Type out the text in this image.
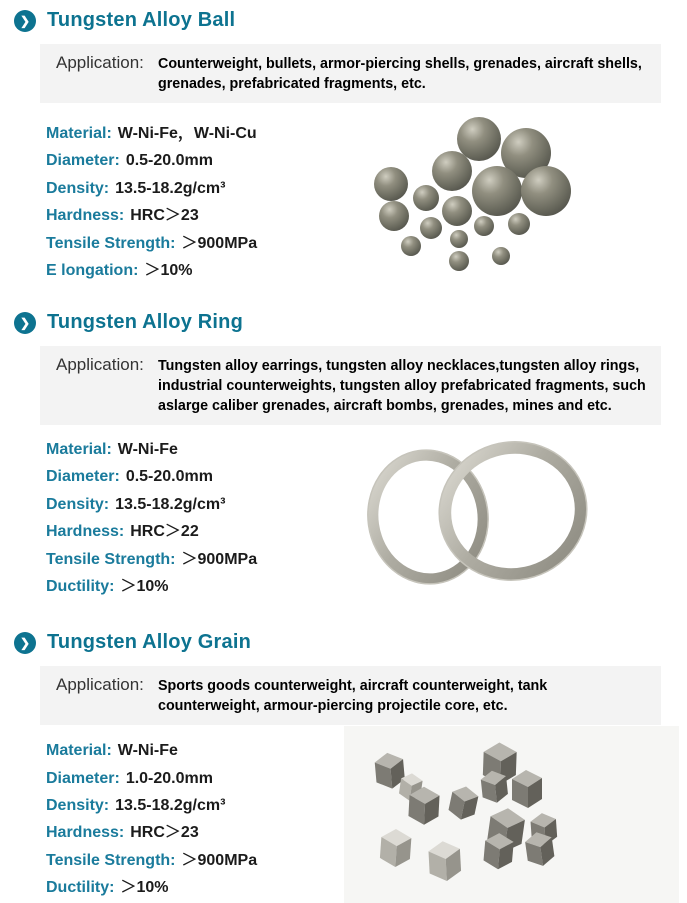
❯ Tungsten Alloy Ball
Application: Counterweight, bullets, armor-piercing shells, grenades, aircraft shells, grenades, prefabricated fragments, etc.

Material: W-Ni-Fe，W-Ni-Cu
Diameter: 0.5-20.0mm
Density: 13.5-18.2g/cm³
Hardness: HRC＞23
Tensile Strength: ＞900MPa
E longation: ＞10%
❯ Tungsten Alloy Ring
Application: Tungsten alloy earrings, tungsten alloy necklaces,tungsten alloy rings, industrial counterweights, tungsten alloy prefabricated fragments, such aslarge caliber grenades, aircraft bombs, grenades, mines and etc.

Material: W-Ni-Fe
Diameter: 0.5-20.0mm
Density: 13.5-18.2g/cm³
Hardness: HRC＞22
Tensile Strength: ＞900MPa
Ductility: ＞10%
❯ Tungsten Alloy Grain
Application: Sports goods counterweight, aircraft counterweight, tank counterweight, armour-piercing projectile core, etc.

Material: W-Ni-Fe
Diameter: 1.0-20.0mm
Density: 13.5-18.2g/cm³
Hardness: HRC＞23
Tensile Strength: ＞900MPa
Ductility: ＞10%
